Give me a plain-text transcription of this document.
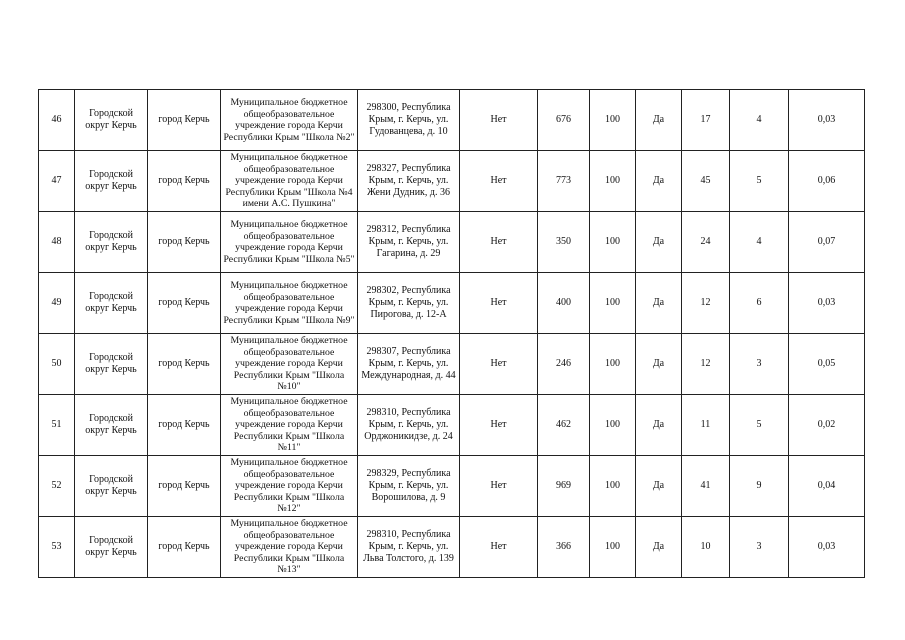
46	Городской округ Керчь	город Керчь	Муниципальное бюджетное общеобразовательное учреждение города Керчи Республики Крым "Школа №2"	298300, Республика Крым, г. Керчь, ул. Гудованцева, д. 10	Нет	676	100	Да	17	4	0,03
47	Городской округ Керчь	город Керчь	Муниципальное бюджетное общеобразовательное учреждение города Керчи Республики Крым "Школа №4 имени А.С. Пушкина"	298327, Республика Крым, г. Керчь, ул. Жени Дудник, д. 36	Нет	773	100	Да	45	5	0,06
48	Городской округ Керчь	город Керчь	Муниципальное бюджетное общеобразовательное учреждение города Керчи Республики Крым "Школа №5"	298312, Республика Крым, г. Керчь, ул. Гагарина, д. 29	Нет	350	100	Да	24	4	0,07
49	Городской округ Керчь	город Керчь	Муниципальное бюджетное общеобразовательное учреждение города Керчи Республики Крым "Школа №9"	298302, Республика Крым, г. Керчь, ул. Пирогова, д. 12-А	Нет	400	100	Да	12	6	0,03
50	Городской округ Керчь	город Керчь	Муниципальное бюджетное общеобразовательное учреждение города Керчи Республики Крым "Школа №10"	298307, Республика Крым, г. Керчь, ул. Международная, д. 44	Нет	246	100	Да	12	3	0,05
51	Городской округ Керчь	город Керчь	Муниципальное бюджетное общеобразовательное учреждение города Керчи Республики Крым "Школа №11"	298310, Республика Крым, г. Керчь, ул. Орджоникидзе, д. 24	Нет	462	100	Да	11	5	0,02
52	Городской округ Керчь	город Керчь	Муниципальное бюджетное общеобразовательное учреждение города Керчи Республики Крым "Школа №12"	298329, Республика Крым, г. Керчь, ул. Ворошилова, д. 9	Нет	969	100	Да	41	9	0,04
53	Городской округ Керчь	город Керчь	Муниципальное бюджетное общеобразовательное учреждение города Керчи Республики Крым "Школа №13"	298310, Республика Крым, г. Керчь, ул. Льва Толстого, д. 139	Нет	366	100	Да	10	3	0,03
